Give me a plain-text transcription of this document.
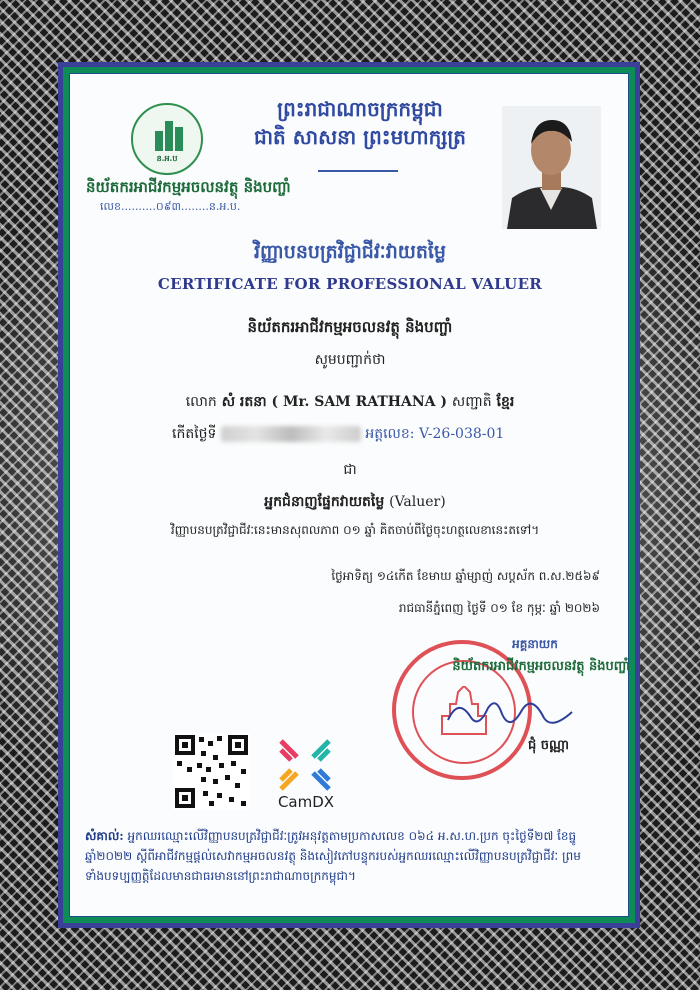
ន.អ.ប
ព្រះរាជាណាចក្រកម្ពុជា
ជាតិ សាសនា ព្រះមហាក្សត្រ
និយ័តករអាជីវកម្មអចលនវត្ថុ និងបញ្ចាំ
លេខ..........០៩៣........ន.អ.ប.
វិញ្ញាបនបត្រវិជ្ជាជីវៈវាយតម្លៃ
CERTIFICATE FOR PROFESSIONAL VALUER
និយ័តករអាជីវកម្មអចលនវត្ថុ និងបញ្ចាំ
សូមបញ្ជាក់ថា
លោក សំ រតនា ( Mr. SAM RATHANA ) សញ្ជាតិ ខ្មែរ
កើតថ្ងៃទី	អត្តលេខ: V-26-038-01
ជា
អ្នកជំនាញផ្នែកវាយតម្លៃ (Valuer)
វិញ្ញាបនបត្រវិជ្ជាជីវៈនេះមានសុពលភាព ០១ ឆ្នាំ គិតចាប់ពីថ្ងៃចុះហត្ថលេខានេះតទៅ។
ថ្ងៃអាទិត្យ ១៤កើត ខែមាឃ ឆ្នាំម្សាញ់ សប្តស័ក ព.ស.២៥៦៩
រាជធានីភ្នំពេញ ថ្ងៃទី ០១ ខែ កុម្ភៈ ឆ្នាំ ២០២៦
អគ្គនាយក
និយ័តករអាជីវកម្មអចលនវត្ថុ និងបញ្ចាំ
ជុំ ចណ្ណា
CamDX
សំគាល់: អ្នកឈរឈ្មោះលើវិញ្ញាបនបត្រវិជ្ជាជីវៈត្រូវអនុវត្តតាមប្រកាសលេខ ០៦៤ អ.ស.ហ.ប្រក ចុះថ្ងៃទី២៧ ខែធ្នូ ឆ្នាំ២០២២ ស្ដីពីអាជីវកម្មផ្ដល់សេវាកម្មអចលនវត្ថុ និងសៀវភៅបន្ទុករបស់អ្នកឈរឈ្មោះលើវិញ្ញាបនបត្រវិជ្ជាជីវៈ ព្រមទាំងបទប្បញ្ញត្តិដែលមានជាធរមាននៅព្រះរាជាណាចក្រកម្ពុជា។
